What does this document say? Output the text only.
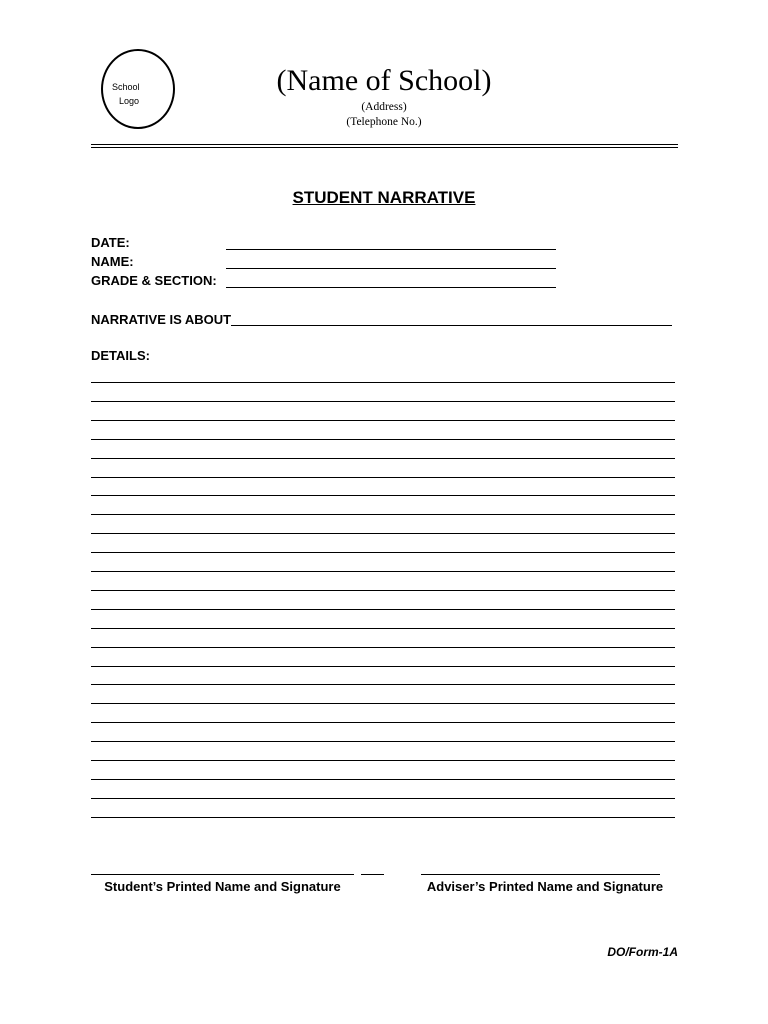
School
Logo
(Name of School)
(Address)
(Telephone No.)
STUDENT NARRATIVE
DATE:
NAME:
GRADE & SECTION:
NARRATIVE IS ABOUT
DETAILS:
Student’s Printed Name and Signature	Adviser’s Printed Name and Signature
DO/Form-1A
